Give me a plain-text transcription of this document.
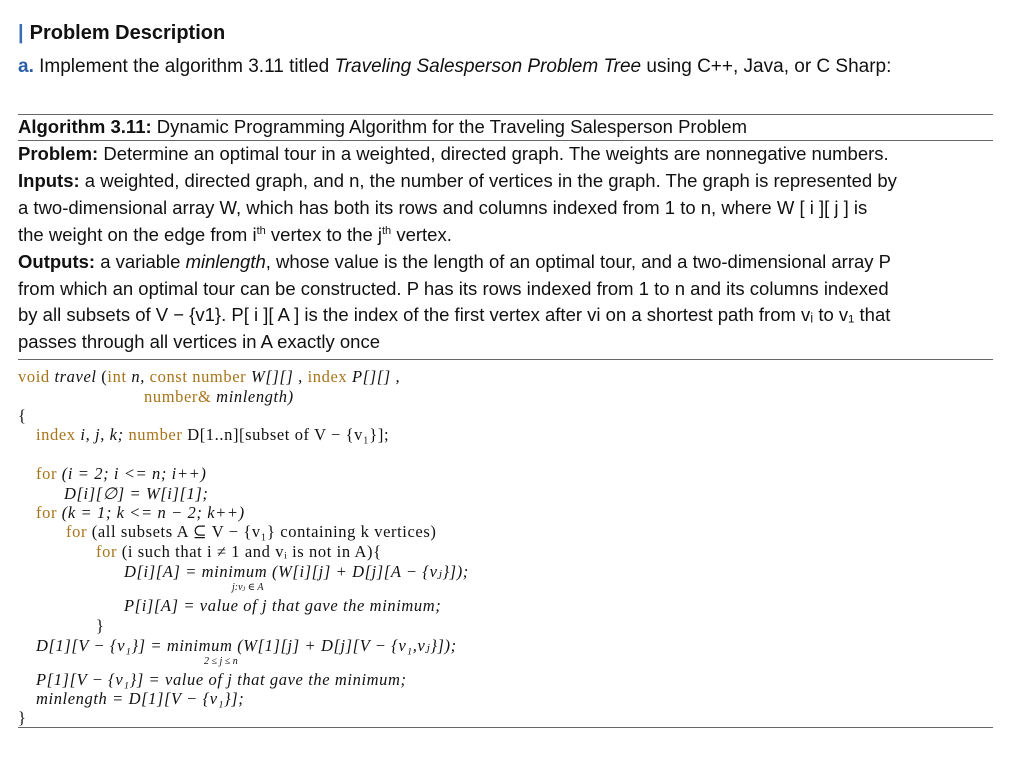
| Problem Description
a. Implement the algorithm 3.11 titled Traveling Salesperson Problem Tree using C++, Java, or C Sharp:
Algorithm 3.11: Dynamic Programming Algorithm for the Traveling Salesperson Problem
Problem: Determine an optimal tour in a weighted, directed graph. The weights are nonnegative numbers.
Inputs: a weighted, directed graph, and n, the number of vertices in the graph. The graph is represented by
a two-dimensional array W, which has both its rows and columns indexed from 1 to n, where W [ i ][ j ] is
the weight on the edge from $i^{th}$ vertex to the $j^{th}$ vertex.
Outputs: a variable minlength, whose value is the length of an optimal tour, and a two-dimensional array P
from which an optimal tour can be constructed. P has its rows indexed from 1 to n and its columns indexed
by all subsets of V − {v1}. P[ i ][ A ] is the index of the first vertex after vi on a shortest path from vᵢ to v₁ that
passes through all vertices in A exactly once
void travel (int n, const number W[][] , index P[][] ,
number& minlength)
{
index i, j, k; number D[1..n][subset of V − {v₁}];
for (i = 2; i <= n; i++)
D[i][∅] = W[i][1];
for (k = 1; k <= n − 2; k++)
for (all subsets A ⊆ V − {v₁} containing k vertices)
for (i such that i ≠ 1 and vᵢ is not in A){
D[i][A] = minimum (W[i][j] + D[j][A − {vⱼ}]);
j:vⱼ ∈ A
P[i][A] = value of j that gave the minimum;
}
D[1][V − {v₁}] = minimum (W[1][j] + D[j][V − {v₁,vⱼ}]);
2 ≤ j ≤ n
P[1][V − {v₁}] = value of j that gave the minimum;
minlength = D[1][V − {v₁}];
}
